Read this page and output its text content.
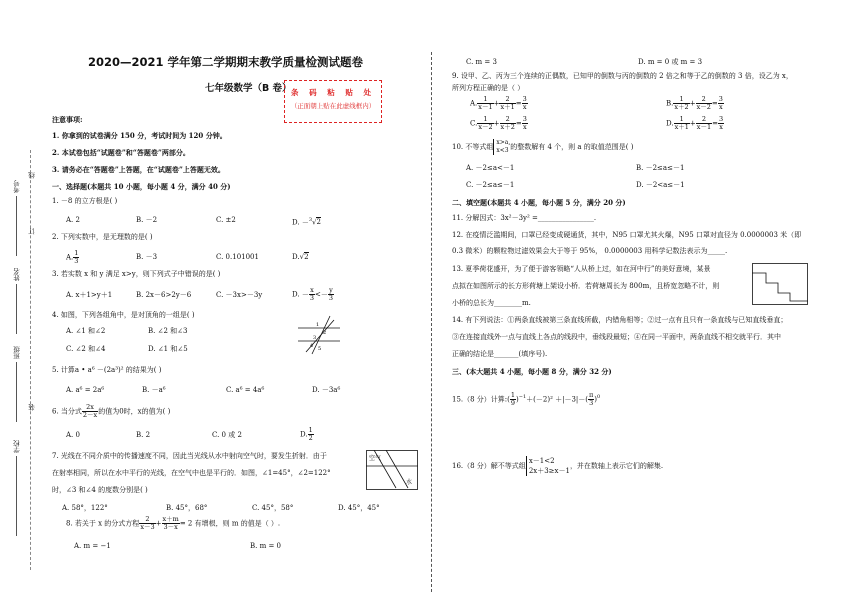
2020—2021 学年第二学期期末教学质量检测试题卷
七年级数学（B 卷） 条 码 粘 贴 处
（正面朝上贴在此虚线框内）
考号
姓名
班级
学校
线
订
装
注意事项:
1. 你拿到的试卷满分 150 分，考试时间为 120 分钟。
2. 本试卷包括“试题卷”和“答题卷”两部分。
3. 请务必在“答题卷”上答题，在“试题卷”上答题无效。
一、选择题(本题共 10 小题，每小题 4 分，满分 40 分)
1. －8 的立方根是( )
A. 2	B. －2	C. ±2	D. －$^3$√2
2. 下列实数中，是无理数的是( )
A. $\frac{1}{3}$	B. －3	C. 0.101001	D.√2
3. 若实数 x 和 y 满足 x>y，则下列式子中错误的是( )
A. x＋1>y＋1	B. 2x－6>2y－6	C. －3x>－3y	D. － $\frac{x}{3} <- \frac{y}{3}$
4. 如图，下列各组角中，是对顶角的一组是( )
A. ∠1 和∠2	B. ∠2 和∠3
C. ∠2 和∠4	D. ∠1 和∠5
1
2
3
4 5
5. 计算a • a⁶ －(2a³)² 的结果为( )
A. a⁶ = 2a⁶	B. －a⁶	C. a⁶ = 4a⁶	D. －3a⁶
6. 当分式 $\frac{2x}{2-x}$ 的值为0时，x的值为( )
A. 0	B. 2	C. 0 或 2	D. $\frac{1}{2}$
7. 光线在不同介质中的传播速度不同，因此当光线从水中射向空气时，要发生折射．由于
在射率相同，所以在水中平行的光线，在空气中也是平行的．如图，∠1=45°，∠2=122°
时，∠3 和∠4 的度数分别是( )
空气
水
A. 58°，122°	B. 45°，68°	C. 45°，58°	D. 45°，45°
8. 若关于 x 的分式方程 $\frac{2}{x-3} + \frac{x+m}{3-x} = 2$ 有增根，则 m 的值是（ ）.
A. m = −1	B. m = 0
C. m = 3	D. m = 0 或 m = 3
9. 设甲、乙、丙为三个连续的正偶数，已知甲的倒数与丙的倒数的 2 倍之和等于乙的倒数的 3 倍，设乙为 x，
所列方程正确的是（ ）
A. $\frac{1}{x-1} + \frac{2}{x+1} = \frac{3}{x}$	B. $\frac{1}{x+2} + \frac{2}{x-2} = \frac{3}{x}$
C. $\frac{1}{x-2} + \frac{2}{x+2} = \frac{3}{x}$	D. $\frac{1}{x+1} + \frac{2}{x-1} = \frac{3}{x}$
10. 不等式组 x>a,
x<3 的整数解有 4 个，则 a 的取值范围是( )
A. －2≤a<－1	B. －2≤a≤－1
C. －2≤a≤－1	D. －2<a≤－1
二、填空题(本题共 4 小题，每小题 5 分，满分 20 分)
11. 分解因式：3x²－3y² =________________.
12. 在疫情泛滥期间，口罩已经变成硬通货，其中，N95 口罩尤其火爆，N95 口罩对直径为 0.0000003 米（即
0.3 微米）的颗粒物过滤效果会大于等于 95%， 0.0000003 用科学记数法表示为_____.
13. 夏季荷花盛开，为了便于游客领略“人从桥上过，如在河中行”的美好意境，某景
点拟在如图所示的长方形荷塘上架设小桥．若荷塘周长为 800m，且桥宽忽略不计，则
小桥的总长为________m.
14. 有下列说法：①两条直线被第三条直线所截，内错角相等；②过一点有且只有一条直线与已知直线垂直；
③在连接直线外一点与直线上各点的线段中，垂线段最短；④在同一平面中，两条直线不相交就平行．其中
正确的结论是_______(填序号).
三、(本大题共 4 小题，每小题 8 分，满分 32 分)
15.（8 分）计算:( $\frac{1}{9} )^{-1}+(-2)^2 +|-3|-( \frac{\pi}{3} )^0$
16.（8 分）解不等式组
x－1<2
2x＋3≥x－1
，并在数轴上表示它们的解集.
